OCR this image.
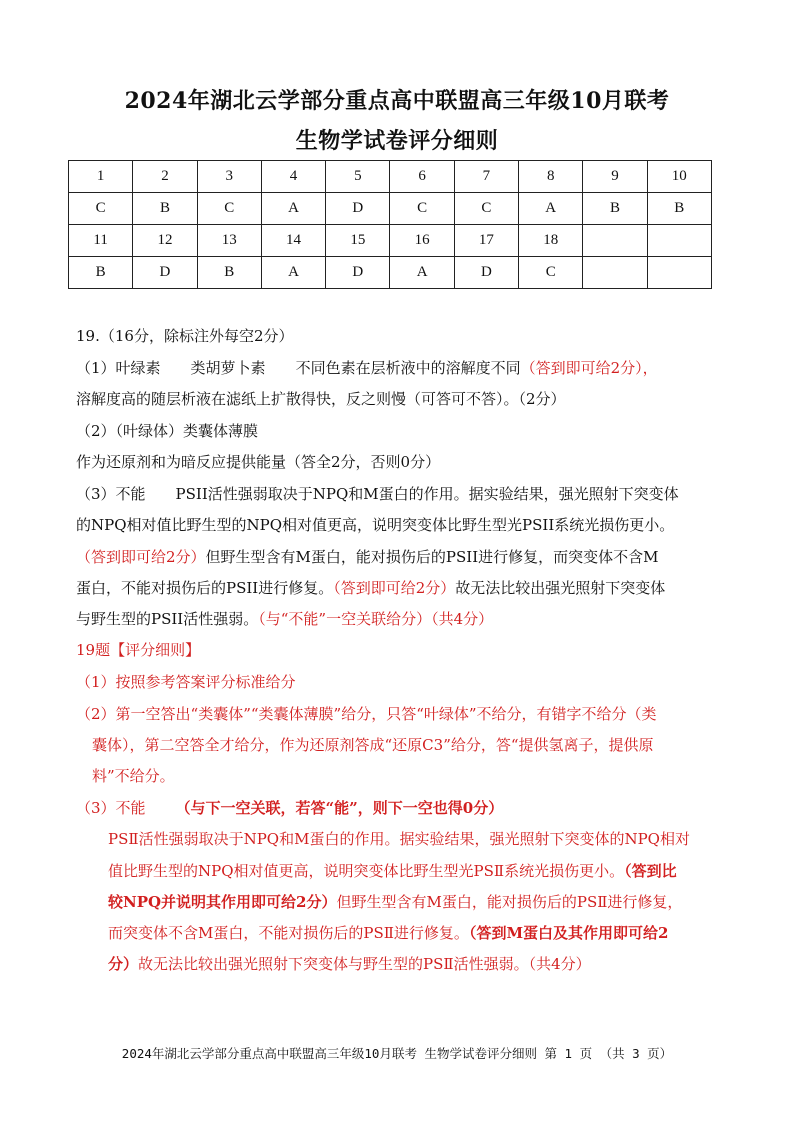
2024年湖北云学部分重点高中联盟高三年级10月联考
生物学试卷评分细则
1	2	3	4	5	6	7	8	9	10
C	B	C	A	D	C	C	A	B	B
11	12	13	14	15	16	17	18		
B	D	B	A	D	A	D	C		
19.（16分，除标注外每空2分）
（1）叶绿素 类胡萝卜素 不同色素在层析液中的溶解度不同（答到即可给2分），
溶解度高的随层析液在滤纸上扩散得快，反之则慢（可答可不答）。（2分）
（2）（叶绿体）类囊体薄膜
作为还原剂和为暗反应提供能量（答全2分，否则0分）
（3）不能 PSII活性强弱取决于NPQ和M蛋白的作用。据实验结果，强光照射下突变体
的NPQ相对值比野生型的NPQ相对值更高，说明突变体比野生型光PSII系统光损伤更小。
（答到即可给2分）但野生型含有M蛋白，能对损伤后的PSII进行修复，而突变体不含M
蛋白，不能对损伤后的PSII进行修复。（答到即可给2分）故无法比较出强光照射下突变体
与野生型的PSII活性强弱。（与“不能”一空关联给分）（共4分）
19题【评分细则】
（1）按照参考答案评分标准给分
（2）第一空答出“类囊体”“类囊体薄膜”给分，只答“叶绿体”不给分，有错字不给分（类
囊体），第二空答全才给分，作为还原剂答成“还原C3”给分，答“提供氢离子，提供原
料”不给分。
（3）不能 （与下一空关联，若答“能”，则下一空也得0分）
PSⅡ活性强弱取决于NPQ和M蛋白的作用。据实验结果，强光照射下突变体的NPQ相对
值比野生型的NPQ相对值更高，说明突变体比野生型光PSⅡ系统光损伤更小。（答到比
较NPQ并说明其作用即可给2分）但野生型含有M蛋白，能对损伤后的PSⅡ进行修复，
而突变体不含M蛋白，不能对损伤后的PSⅡ进行修复。（答到M蛋白及其作用即可给2
分）故无法比较出强光照射下突变体与野生型的PSⅡ活性强弱。（共4分）
2024年湖北云学部分重点高中联盟高三年级10月联考 生物学试卷评分细则 第 1 页 （共 3 页）
